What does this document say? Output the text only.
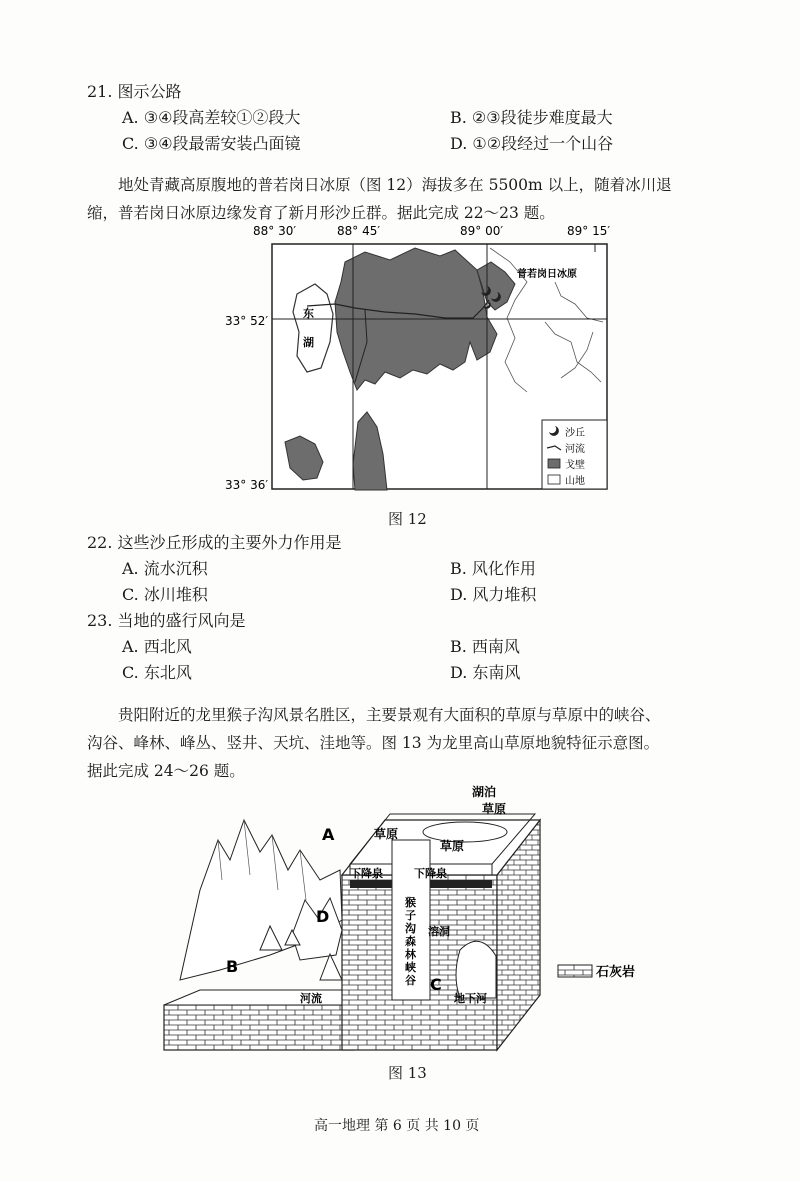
21. 图示公路
A. ③④段高差较①②段大	B. ②③段徒步难度最大
C. ③④段最需安装凸面镜	D. ①②段经过一个山谷
地处青藏高原腹地的普若岗日冰原（图 12）海拔多在 5500m 以上，随着冰川退
缩，普若岗日冰原边缘发育了新月形沙丘群。据此完成 22～23 题。
88° 30′	88° 45′	89° 00′	89° 15′
33° 52′
33° 36′
东
湖
普若岗日冰原
沙丘
河流
戈壁
山地
图 12
22. 这些沙丘形成的主要外力作用是
A. 流水沉积	B. 风化作用
C. 冰川堆积	D. 风力堆积
23. 当地的盛行风向是
A. 西北风	B. 西南风
C. 东北风	D. 东南风
贵阳附近的龙里猴子沟风景名胜区，主要景观有大面积的草原与草原中的峡谷、
沟谷、峰林、峰丛、竖井、天坑、洼地等。图 13 为龙里高山草原地貌特征示意图。
据此完成 24～26 题。
湖泊
草原
草原
草原
下降泉	下降泉
猴
子
沟
森
林
峡
谷
溶洞
河流	地下河
A
B
C
D
石灰岩
图 13
高一地理 第 6 页 共 10 页
